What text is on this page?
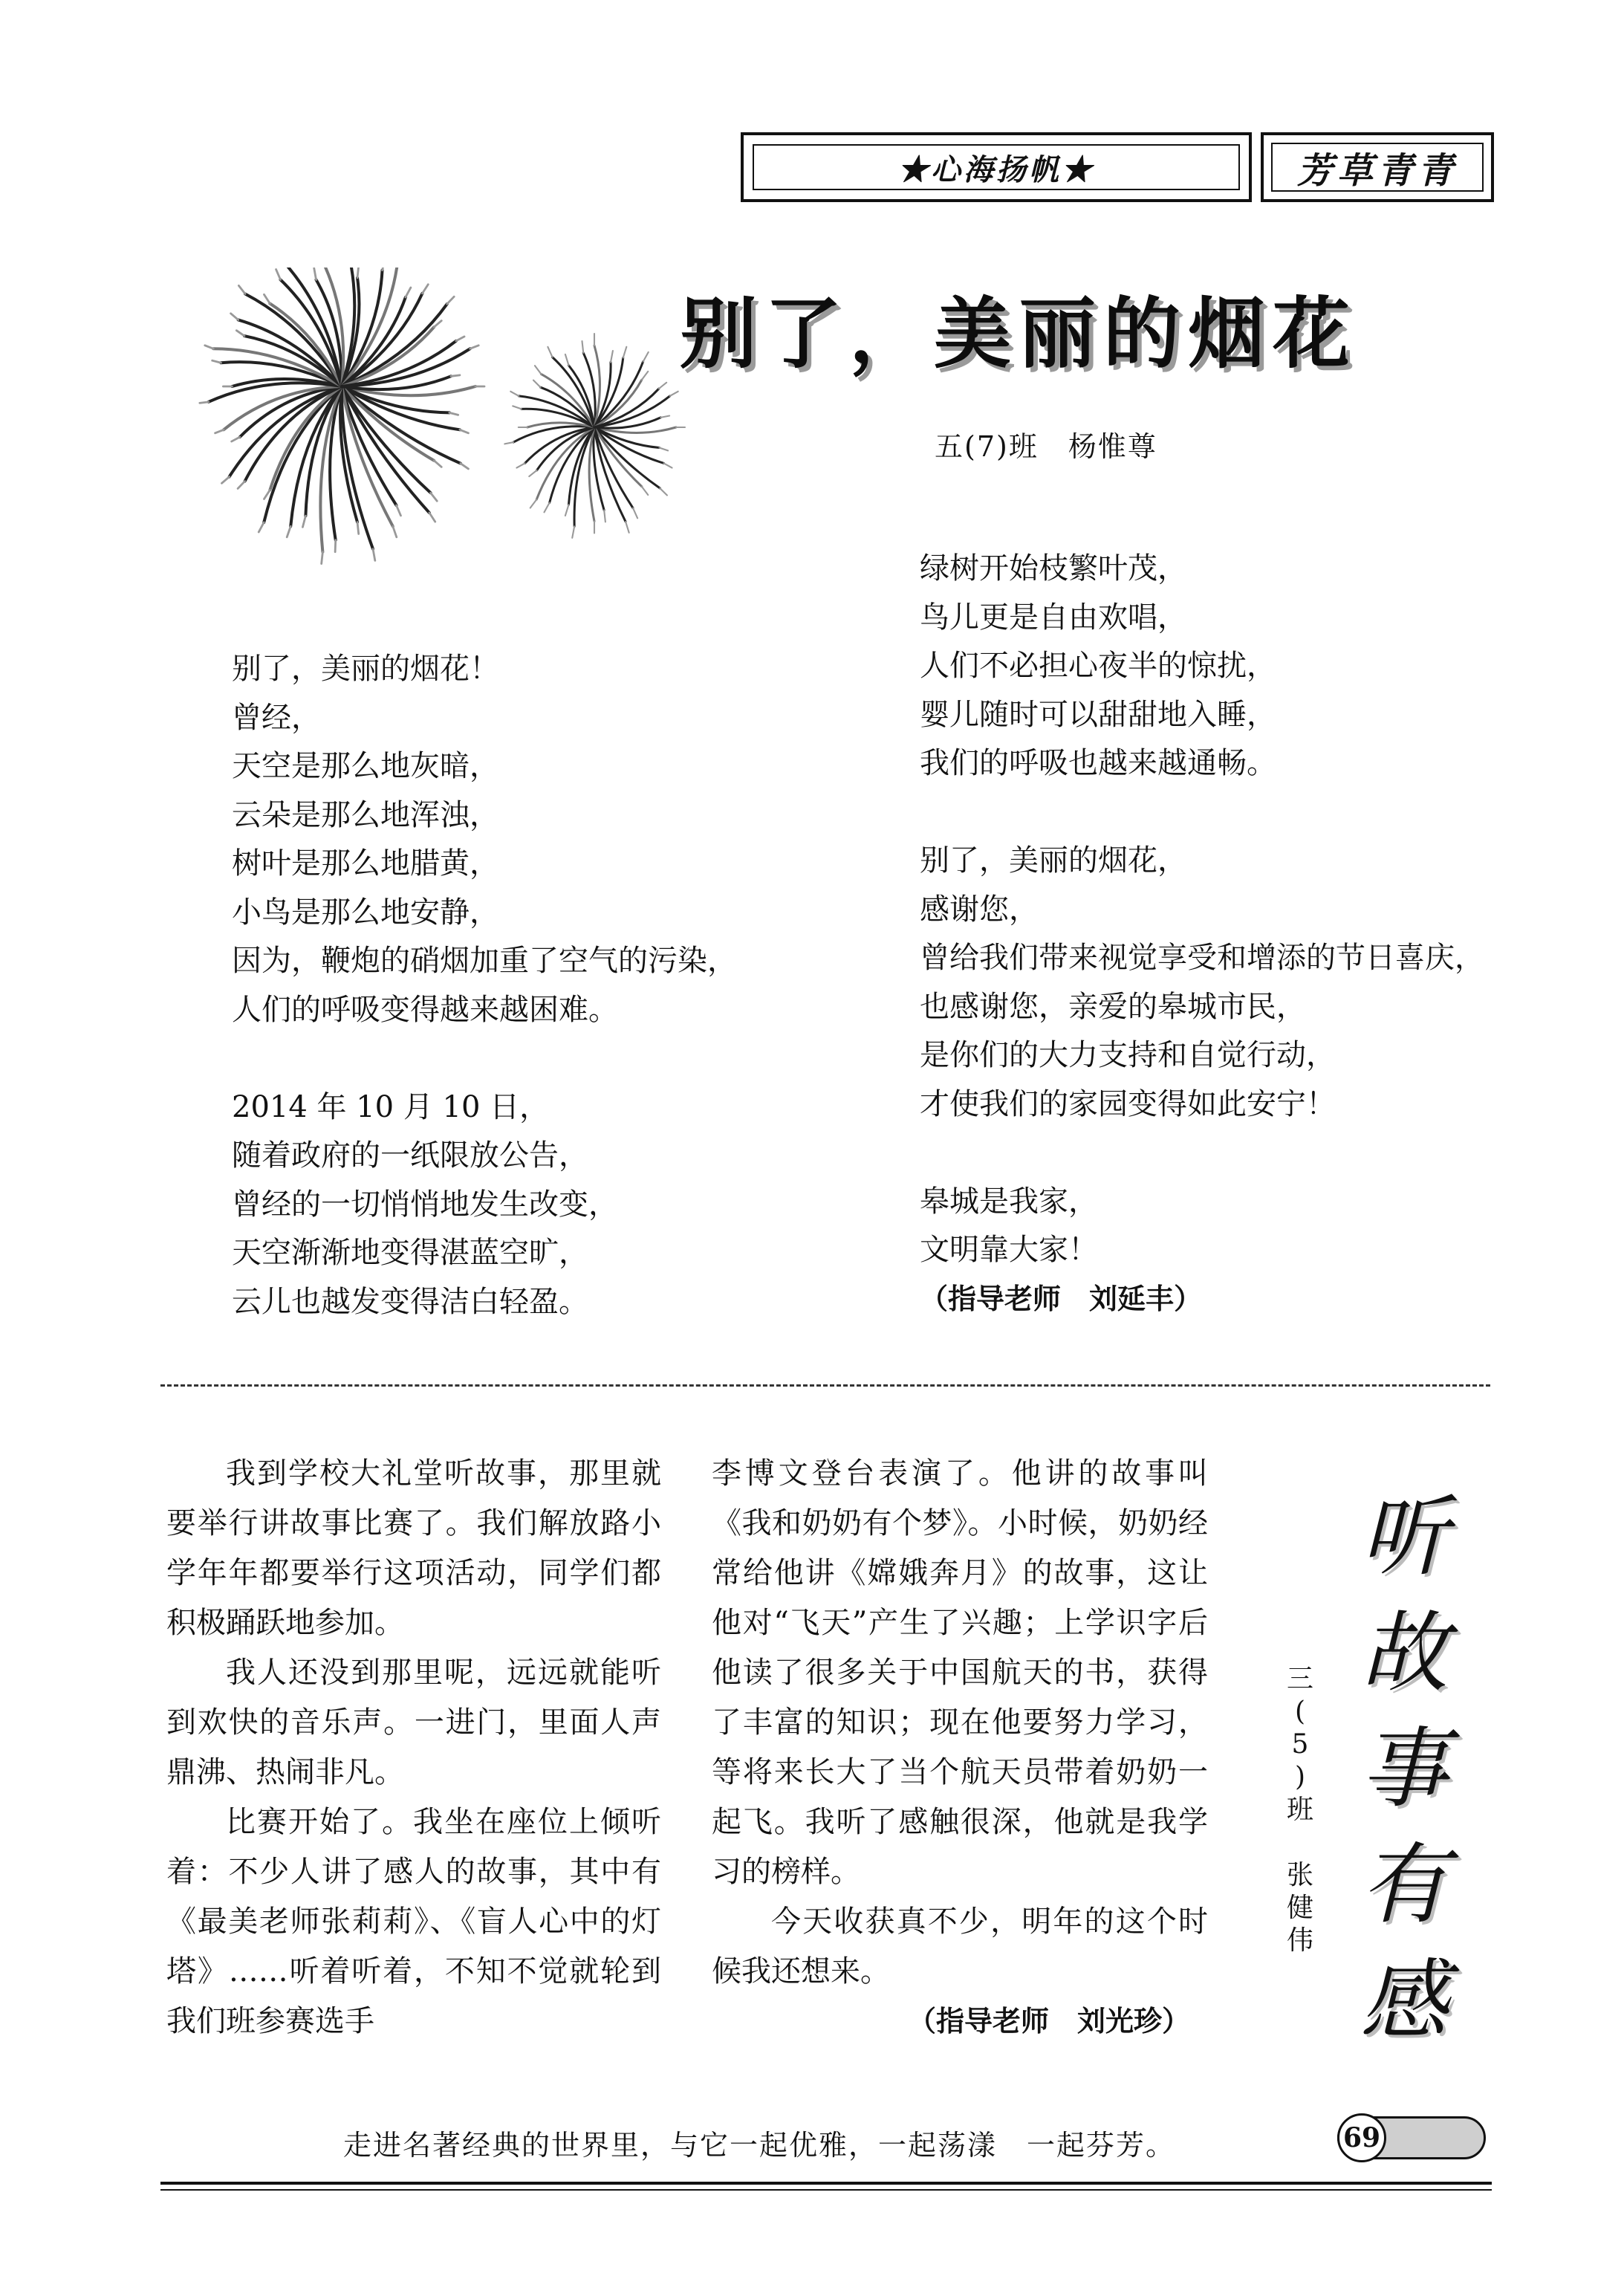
★心海扬帆★	芳草青青
别了，美丽的烟花
五(7)班　杨惟尊
别了，美丽的烟花！
曾经，
天空是那么地灰暗，
云朵是那么地浑浊，
树叶是那么地腊黄，
小鸟是那么地安静，
因为，鞭炮的硝烟加重了空气的污染，
人们的呼吸变得越来越困难。
2014 年 10 月 10 日，
随着政府的一纸限放公告，
曾经的一切悄悄地发生改变，
天空渐渐地变得湛蓝空旷，
云儿也越发变得洁白轻盈。
绿树开始枝繁叶茂，
鸟儿更是自由欢唱，
人们不必担心夜半的惊扰，
婴儿随时可以甜甜地入睡，
我们的呼吸也越来越通畅。
别了，美丽的烟花，
感谢您，
曾给我们带来视觉享受和增添的节日喜庆，
也感谢您，亲爱的皋城市民，
是你们的大力支持和自觉行动，
才使我们的家园变得如此安宁！
皋城是我家，
文明靠大家！
（指导老师　刘延丰）

我到学校大礼堂听故事，那里就要举行讲故事比赛了。我们解放路小学年年都要举行这项活动，同学们都积极踊跃地参加。

我人还没到那里呢，远远就能听到欢快的音乐声。一进门，里面人声鼎沸、热闹非凡。

比赛开始了。我坐在座位上倾听着：不少人讲了感人的故事，其中有《最美老师张莉莉》、《盲人心中的灯塔》……听着听着，不知不觉就轮到我们班参赛选手

李博文登台表演了。他讲的故事叫《我和奶奶有个梦》。小时候，奶奶经常给他讲《嫦娥奔月》的故事，这让他对“飞天”产生了兴趣；上学识字后他读了很多关于中国航天的书，获得了丰富的知识；现在他要努力学习，等将来长大了当个航天员带着奶奶一起飞。我听了感触很深，他就是我学习的榜样。

今天收获真不少，明年的这个时候我还想来。

（指导老师　刘光珍）

听
故
事
有
感
三
(
5
)
班
张
健
伟
走进名著经典的世界里，与它一起优雅，一起荡漾　一起芬芳。	69
